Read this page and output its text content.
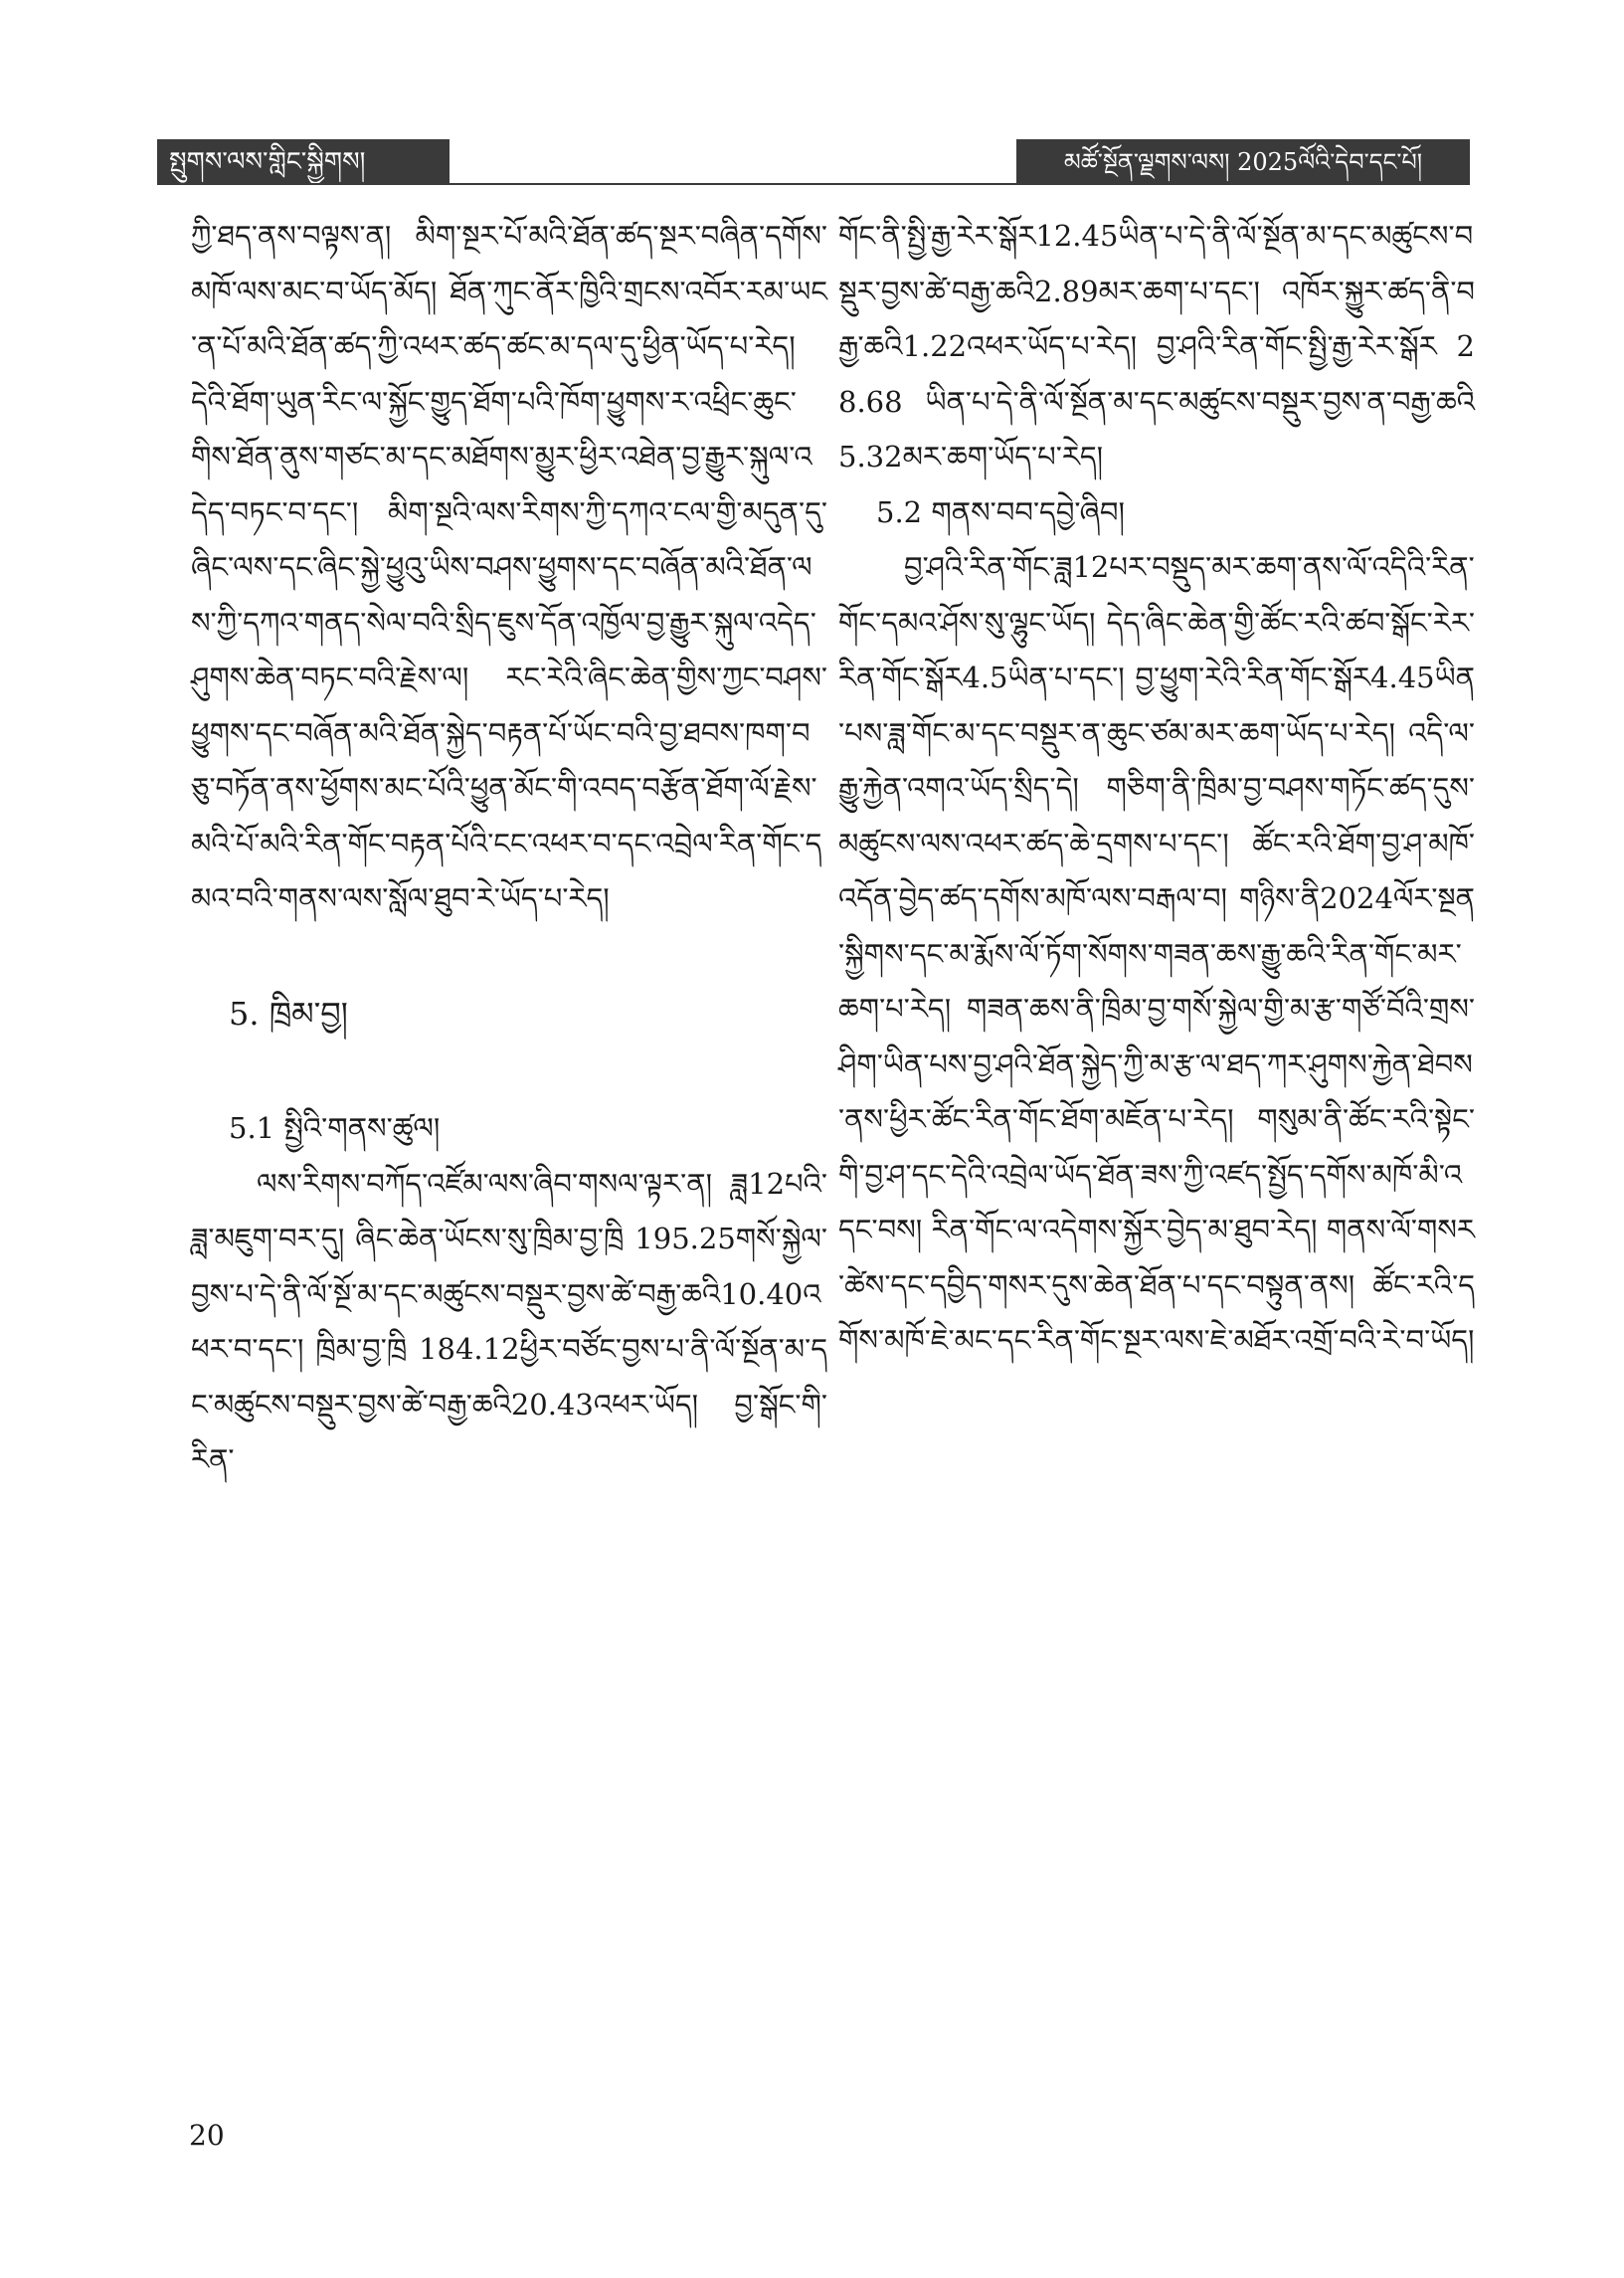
སྤུགས་ལས་གླིང་སྐྱིགས།	མཚོ་སྔོན་ལྗགས་ལས། 2025ལོའི་དེབ་དང་པོ།

ཀྱི་ཐད་ནས་བལྟས་ན། མིག་སྔར་པོ་མའི་ཐོན་ཚད་སྔར་བཞིན་དགོས་མཁོ་ལས་མང་བ་ཡོད་མོད། ཐོན་ཀུང་ནོར་ཁྱིའི་གྲངས་འབོར་རམ་ཡང་ན་པོ་མའི་ཐོན་ཚད་ཀྱི་འཕར་ཚད་ཚང་མ་དལ་དུ་ཕྱིན་ཡོད་པ་རེད། དེའི་ཐོག་ཡུན་རིང་ལ་སྐྱོང་གྱུད་ཐོག་པའི་ཁོག་ཕྱུགས་ར་འཕྲིང་ཆུང་གིས་ཐོན་ནུས་གཙང་མ་དང་མཐོགས་མྱུར་ཕྱིར་འཐེན་བྱ་རྒྱུར་སྐུལ་འདེད་བཏང་བ་དང་། མིག་སྔའི་ལས་རིགས་ཀྱི་དཀའ་ངལ་གྱི་མདུན་དུ་ཞིང་ལས་དང་ཞིང་སྐྱེ་ཕྱུའུ་ཡིས་བཤས་ཕྱུགས་དང་བཞོན་མའི་ཐོན་ལས་ཀྱི་དཀའ་གནད་སེལ་བའི་སྲིད་ཇུས་དོན་འཁྱོལ་བྱ་རྒྱུར་སྐུལ་འདེད་ཤུགས་ཆེན་བཏང་བའི་རྗེས་ལ། རང་རེའི་ཞིང་ཆེན་གྱིས་ཀྱང་བཤས་ཕྱུགས་དང་བཞོན་མའི་ཐོན་སྐྱེད་བརྟན་པོ་ཡོང་བའི་བྱ་ཐབས་ཁག་བཅུ་བཏོན་ནས་ཕྱོགས་མང་པོའི་ཕྱུན་མོང་གི་འབད་བརྩོན་ཐོག་ལོ་རྗེས་མའི་པོ་མའི་རིན་གོང་བརྟན་པོའི་ངང་འཕར་བ་དང་འབྲེལ་རིན་གོང་དམའ་བའི་གནས་ལས་སློལ་ཐུབ་རེ་ཡོད་པ་རེད།

5. ཁྲིམ་བྱ།

5.1 སྤྱིའི་གནས་ཚུལ།

ལས་རིགས་བཀོད་འཛོམ་ལས་ཞིབ་གསལ་ལྟར་ན། ཟླ12པའི་ཟླ་མཇུག་བར་དུ། ཞིང་ཆེན་ཡོངས་སུ་ཁྲིམ་བྱ་ཁྲི 195.25གསོ་སྐྱེལ་བྱས་པ་དེ་ནི་ལོ་སྔོ་མ་དང་མཚུངས་བསྡུར་བྱས་ཚེ་བརྒྱ་ཆའི10.40འཕར་བ་དང་། ཁྲིམ་བྱ་ཁྲི 184.12ཕྱིར་བཙོང་བྱས་པ་ནི་ལོ་སྔོན་མ་དང་མཚུངས་བསྡུར་བྱས་ཚེ་བརྒྱ་ཆའི20.43འཕར་ཡོད། བྱ་སྒོང་གི་རིན་

གོང་ནི་སྤྱི་རྒྱ་རེར་སྒོར12.45ཡིན་པ་དེ་ནི་ལོ་སྔོན་མ་དང་མཚུངས་བསྡུར་བྱས་ཚེ་བརྒྱ་ཆའི2.89མར་ཆག་པ་དང་། འཁོར་སྐྱུར་ཚད་ནི་བརྒྱ་ཆའི1.22འཕར་ཡོད་པ་རེད། བྱ་ཤའི་རིན་གོང་སྤྱི་རྒྱ་རེར་སྒོར 28.68 ཡིན་པ་དེ་ནི་ལོ་སྔོན་མ་དང་མཚུངས་བསྡུར་བྱས་ན་བརྒྱ་ཆའི 5.32མར་ཆག་ཡོད་པ་རེད།

5.2 གནས་བབ་དབྱེ་ཞིབ།

བྱ་ཤའི་རིན་གོང་ཟླ12པར་བསྡུད་མར་ཆག་ནས་ལོ་འདིའི་རིན་གོང་དམའ་ཤོས་སུ་ལྷུང་ཡོད། དེད་ཞིང་ཆེན་གྱི་ཚོང་རའི་ཚབ་སྒོང་རེར་རིན་གོང་སྒོར4.5ཡིན་པ་དང་། བྱ་ཕྱུག་རེའི་རིན་གོང་སྒོར4.45ཡིན་པས་ཟླ་གོང་མ་དང་བསྡུར་ན་ཆུང་ཙམ་མར་ཆག་ཡོད་པ་རེད། འདི་ལ་རྒྱུ་རྐྱེན་འགའ་ཡོད་སྲིད་དེ། གཅིག་ནི་ཁྲིམ་བྱ་བཤས་གཏོང་ཚད་དུས་མཚུངས་ལས་འཕར་ཚད་ཆེ་དྲགས་པ་དང་། ཚོང་རའི་ཐོག་བྱ་ཤ་མཁོ་འདོན་བྱེད་ཚད་དགོས་མཁོ་ལས་བརྒལ་བ། གཉིས་ནི2024ལོར་སྔན་སྐྱིགས་དང་མ་རྨོས་ལོ་ཏོག་སོགས་གཟན་ཆས་རྒྱུ་ཆའི་རིན་གོང་མར་ཆག་པ་རེད། གཟན་ཆས་ནི་ཁྲིམ་བྱ་གསོ་སྐྱེལ་གྱི་མ་རྩ་གཙོ་བོའི་གྲས་ཤིག་ཡིན་པས་བྱ་ཤའི་ཐོན་སྐྱེད་ཀྱི་མ་རྩ་ལ་ཐད་ཀར་ཤུགས་རྐྱེན་ཐེབས་ནས་ཕྱིར་ཚོང་རིན་གོང་ཐོག་མཇོན་པ་རེད། གསུམ་ནི་ཚོང་རའི་སྟེང་གི་བྱ་ཤ་དང་དེའི་འབྲེལ་ཡོད་ཐོན་ཟས་ཀྱི་འཛད་སྤྱོད་དགོས་མཁོ་མི་འདང་བས། རིན་གོང་ལ་འདེགས་སྐྱོར་བྱེད་མ་ཐུབ་རེད། གནས་ལོ་གསར་ཚེས་དང་དབྱིད་གསར་དུས་ཆེན་ཐོན་པ་དང་བསྟུན་ནས། ཚོང་རའི་དགོས་མཁོ་ཇེ་མང་དང་རིན་གོང་སྔར་ལས་ཇེ་མཐོར་འགྲོ་བའི་རེ་བ་ཡོད།

20
